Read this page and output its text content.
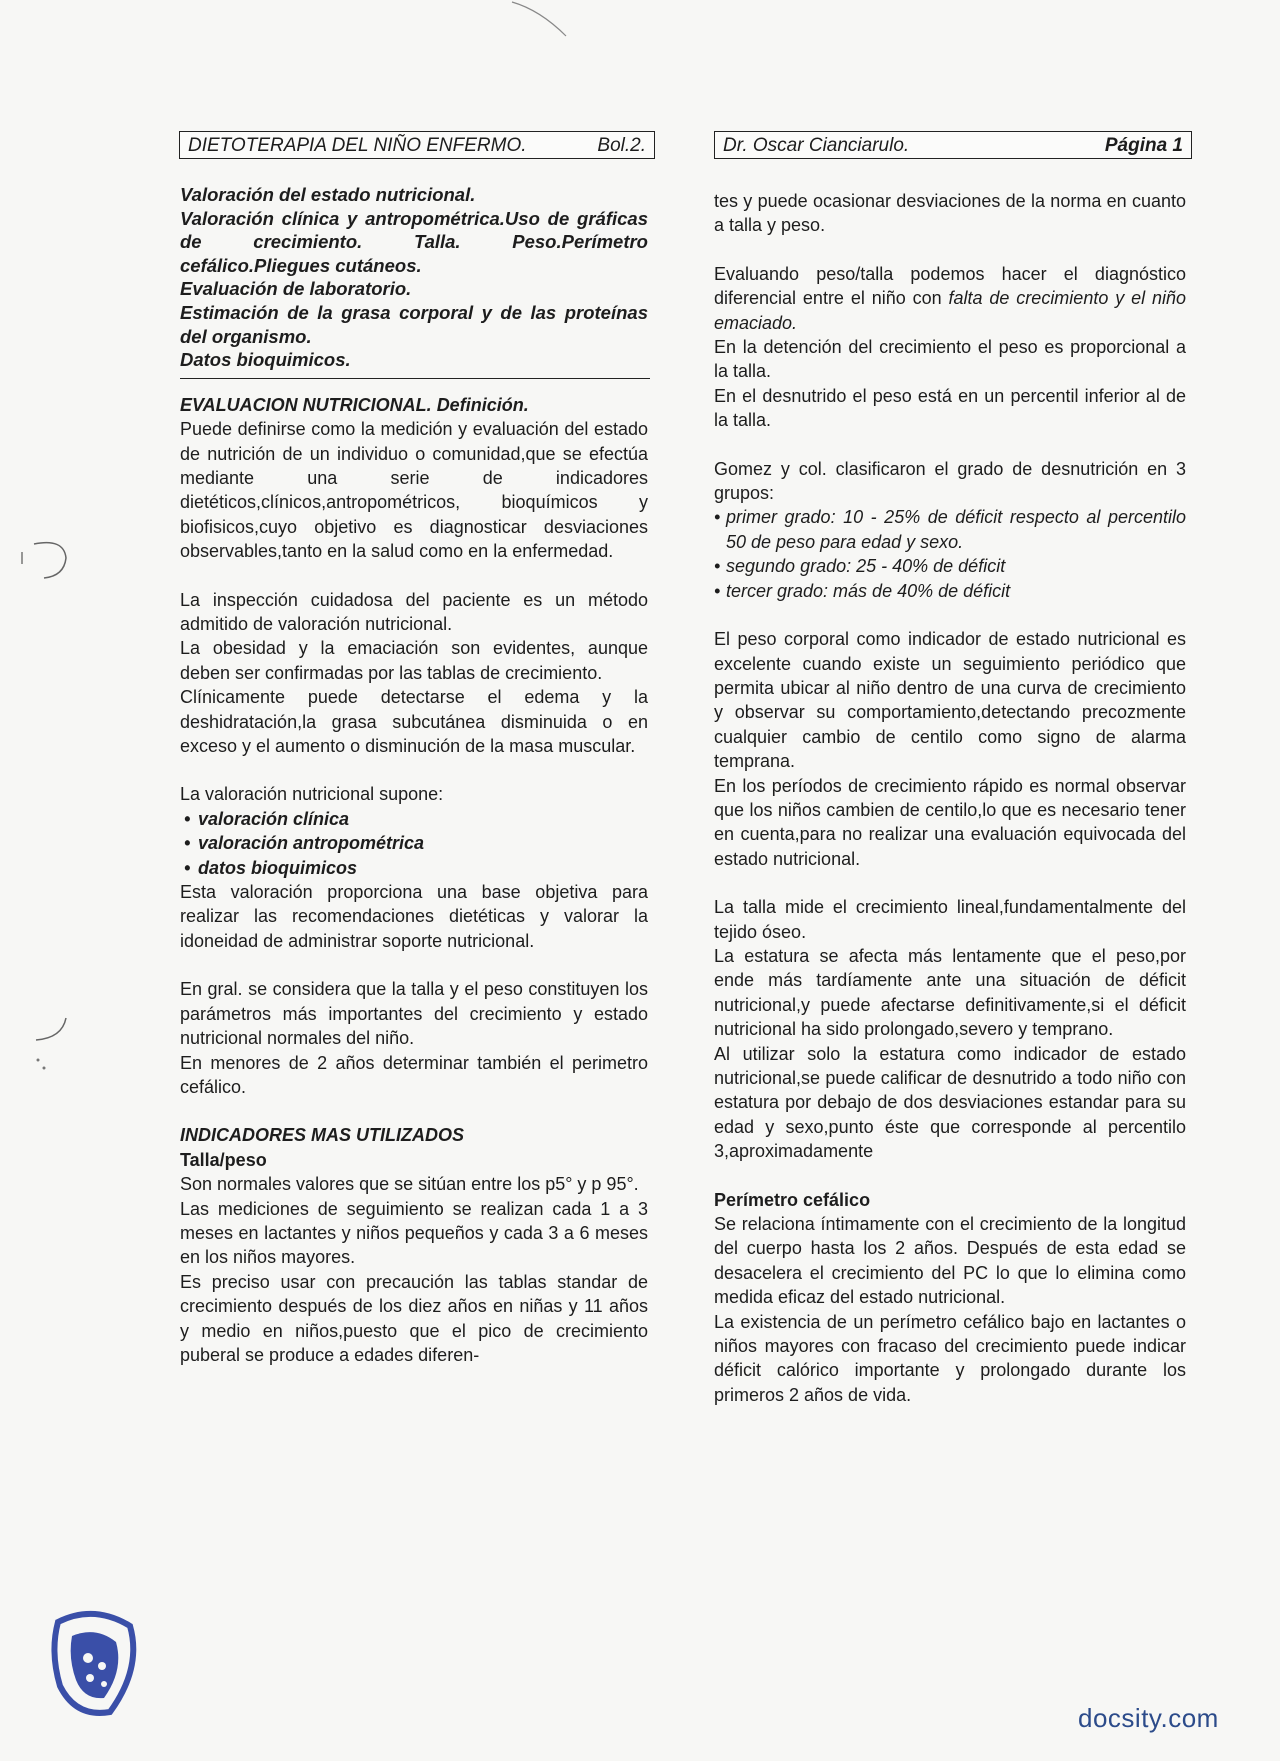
DIETOTERAPIA DEL NIÑO ENFERMO.	Bol.2.	Dr. Oscar Cianciarulo.	Página 1

Valoración del estado nutricional.

Valoración clínica y antropométrica.Uso de gráficas de crecimiento. Talla. Peso.Perímetro cefálico.Pliegues cutáneos.

Evaluación de laboratorio.

Estimación de la grasa corporal y de las proteínas del organismo.

Datos bioquimicos.

EVALUACION NUTRICIONAL. Definición.

Puede definirse como la medición y evaluación del estado de nutrición de un individuo o comunidad,que se efectúa mediante una serie de indicadores dietéticos,clínicos,antropométricos, bioquímicos y biofisicos,cuyo objetivo es diagnosticar desviaciones observables,tanto en la salud como en la enfermedad.

La inspección cuidadosa del paciente es un método admitido de valoración nutricional.

La obesidad y la emaciación son evidentes, aunque deben ser confirmadas por las tablas de crecimiento.

Clínicamente puede detectarse el edema y la deshidratación,la grasa subcutánea disminuida o en exceso y el aumento o disminución de la masa muscular.

La valoración nutricional supone:

• valoración clínica
• valoración antropométrica
• datos bioquimicos

Esta valoración proporciona una base objetiva para realizar las recomendaciones dietéticas y valorar la idoneidad de administrar soporte nutricional.

En gral. se considera que la talla y el peso constituyen los parámetros más importantes del crecimiento y estado nutricional normales del niño.

En menores de 2 años determinar también el perimetro cefálico.

INDICADORES MAS UTILIZADOS

Talla/peso

Son normales valores que se sitúan entre los p5° y p 95°.

Las mediciones de seguimiento se realizan cada 1 a 3 meses en lactantes y niños pequeños y cada 3 a 6 meses en los niños mayores.

Es preciso usar con precaución las tablas standar de crecimiento después de los diez años en niñas y 11 años y medio en niños,puesto que el pico de crecimiento puberal se produce a edades diferen-

tes y puede ocasionar desviaciones de la norma en cuanto a talla y peso.

Evaluando peso/talla podemos hacer el diagnóstico diferencial entre el niño con falta de crecimiento y el niño emaciado.

En la detención del crecimiento el peso es proporcional a la talla.

En el desnutrido el peso está en un percentil inferior al de la talla.

Gomez y col. clasificaron el grado de desnutrición en 3 grupos:

• primer grado: 10 - 25% de déficit respecto al percentilo 50 de peso para edad y sexo.
• segundo grado: 25 - 40% de déficit
• tercer grado: más de 40% de déficit

El peso corporal como indicador de estado nutricional es excelente cuando existe un seguimiento periódico que permita ubicar al niño dentro de una curva de crecimiento y observar su comportamiento,detectando precozmente cualquier cambio de centilo como signo de alarma temprana.

En los períodos de crecimiento rápido es normal observar que los niños cambien de centilo,lo que es necesario tener en cuenta,para no realizar una evaluación equivocada del estado nutricional.

La talla mide el crecimiento lineal,fundamentalmente del tejido óseo.

La estatura se afecta más lentamente que el peso,por ende más tardíamente ante una situación de déficit nutricional,y puede afectarse definitivamente,si el déficit nutricional ha sido prolongado,severo y temprano.

Al utilizar solo la estatura como indicador de estado nutricional,se puede calificar de desnutrido a todo niño con estatura por debajo de dos desviaciones estandar para su edad y sexo,punto éste que corresponde al percentilo 3,aproximadamente

Perímetro cefálico

Se relaciona íntimamente con el crecimiento de la longitud del cuerpo hasta los 2 años. Después de esta edad se desacelera el crecimiento del PC lo que lo elimina como medida eficaz del estado nutricional.

La existencia de un perímetro cefálico bajo en lactantes o niños mayores con fracaso del crecimiento puede indicar déficit calórico importante y prolongado durante los primeros 2 años de vida.

docsity.com
